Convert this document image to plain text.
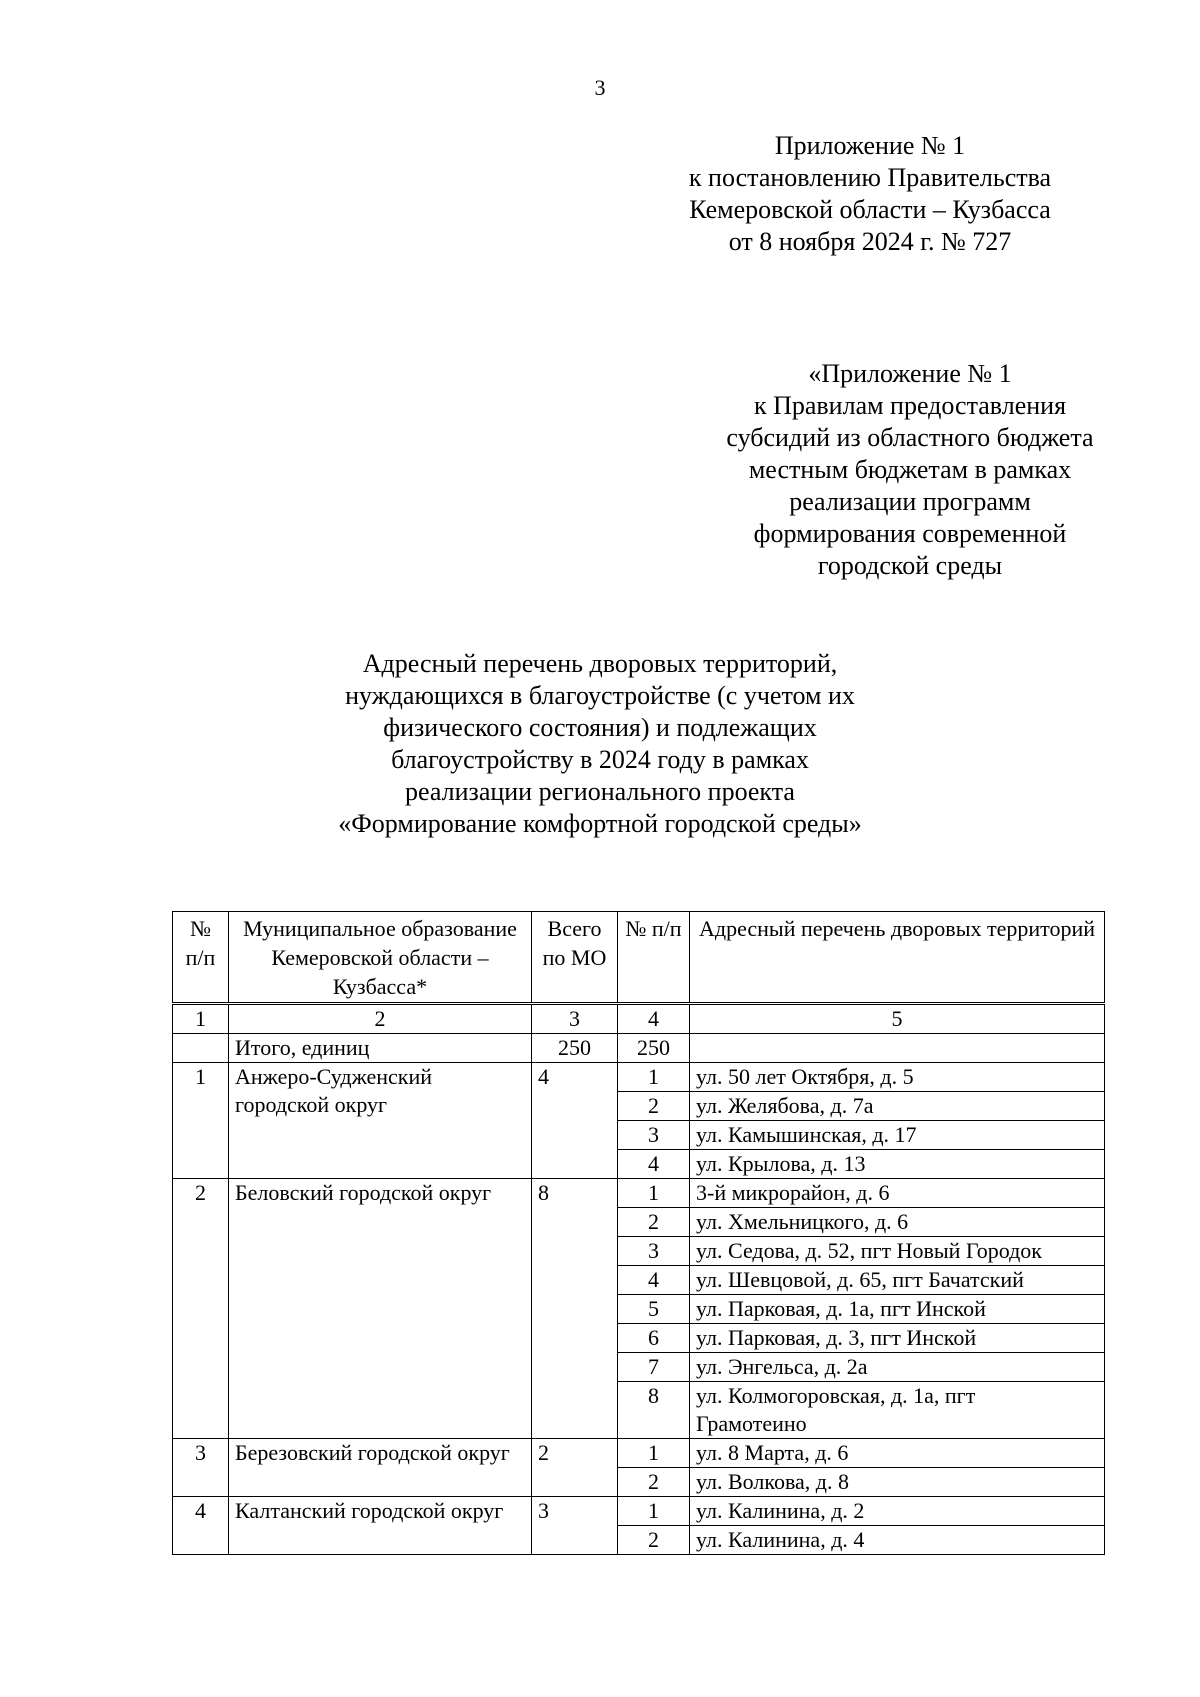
3
Приложение № 1
к постановлению Правительства
Кемеровской области – Кузбасса
от 8 ноября 2024 г. № 727
«Приложение № 1
к Правилам предоставления
субсидий из областного бюджета
местным бюджетам в рамках
реализации программ
формирования современной
городской среды
Адресный перечень дворовых территорий,
нуждающихся в благоустройстве (с учетом их
физического состояния) и подлежащих
благоустройству в 2024 году в рамках
реализации регионального проекта
«Формирование комфортной городской среды»
№ п/п	Муниципальное образование Кемеровской области – Кузбасса*	Всего по МО	№ п/п	Адресный перечень дворовых территорий
1	2	3	4	5
	Итого, единиц	250	250	
1	Анжеро-Судженский городской округ	4	1	ул. 50 лет Октября, д. 5
			2	ул. Желябова, д. 7а
			3	ул. Камышинская, д. 17
			4	ул. Крылова, д. 13
2	Беловский городской округ	8	1	3-й микрорайон, д. 6
			2	ул. Хмельницкого, д. 6
			3	ул. Седова, д. 52, пгт Новый Городок
			4	ул. Шевцовой, д. 65, пгт Бачатский
			5	ул. Парковая, д. 1а, пгт Инской
			6	ул. Парковая, д. 3, пгт Инской
			7	ул. Энгельса, д. 2а
			8	ул. Колмогоровская, д. 1а, пгт Грамотеино
3	Березовский городской округ	2	1	ул. 8 Марта, д. 6
			2	ул. Волкова, д. 8
4	Калтанский городской округ	3	1	ул. Калинина, д. 2
			2	ул. Калинина, д. 4
